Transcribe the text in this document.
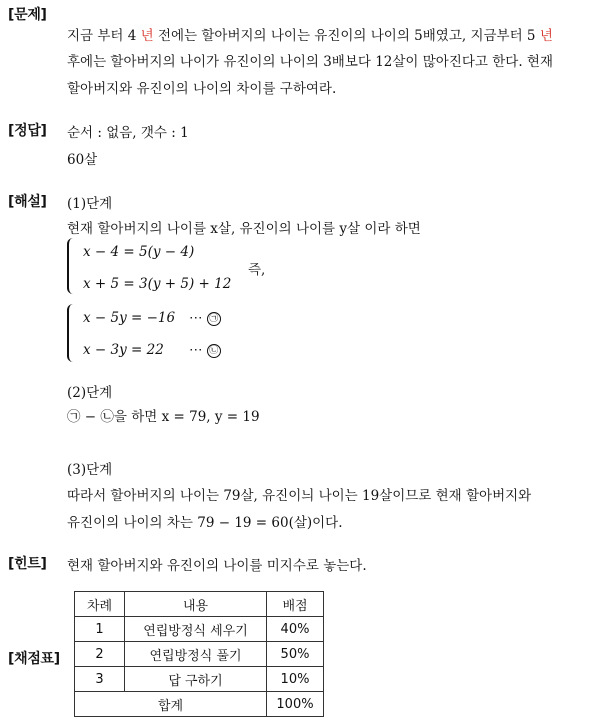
[문제]
지금 부터 4 년 전에는 할아버지의 나이는 유진이의 나이의 5배였고, 지금부터 5 년
후에는 할아버지의 나이가 유진이의 나이의 3배보다 12살이 많아진다고 한다. 현재
할아버지와 유진이의 나이의 차이를 구하여라.
[정답] 순서 : 없음, 갯수 : 1
60살
[해설] (1)단계
현재 할아버지의 나이를 x살, 유진이의 나이를 y살 이라 하면
x − 4 = 5(y − 4)
x + 5 = 3(y + 5) + 12
즉,
x − 5y = −16 ⋯ ㉠
x − 3y = 22 ⋯ ㉡
(2)단계
㉠ − ㉡을 하면 x = 79, y = 19
(3)단계
따라서 할아버지의 나이는 79살, 유진이늬 나이는 19살이므로 현재 할아버지와
유진이의 나이의 차는 79 − 19 = 60(살)이다.
[힌트] 현재 할아버지와 유진이의 나이를 미지수로 놓는다.
[채점표]
차례	내용	배점
1	연립방정식 세우기	40%
2	연립방정식 풀기	50%
3	답 구하기	10%
합계		100%
